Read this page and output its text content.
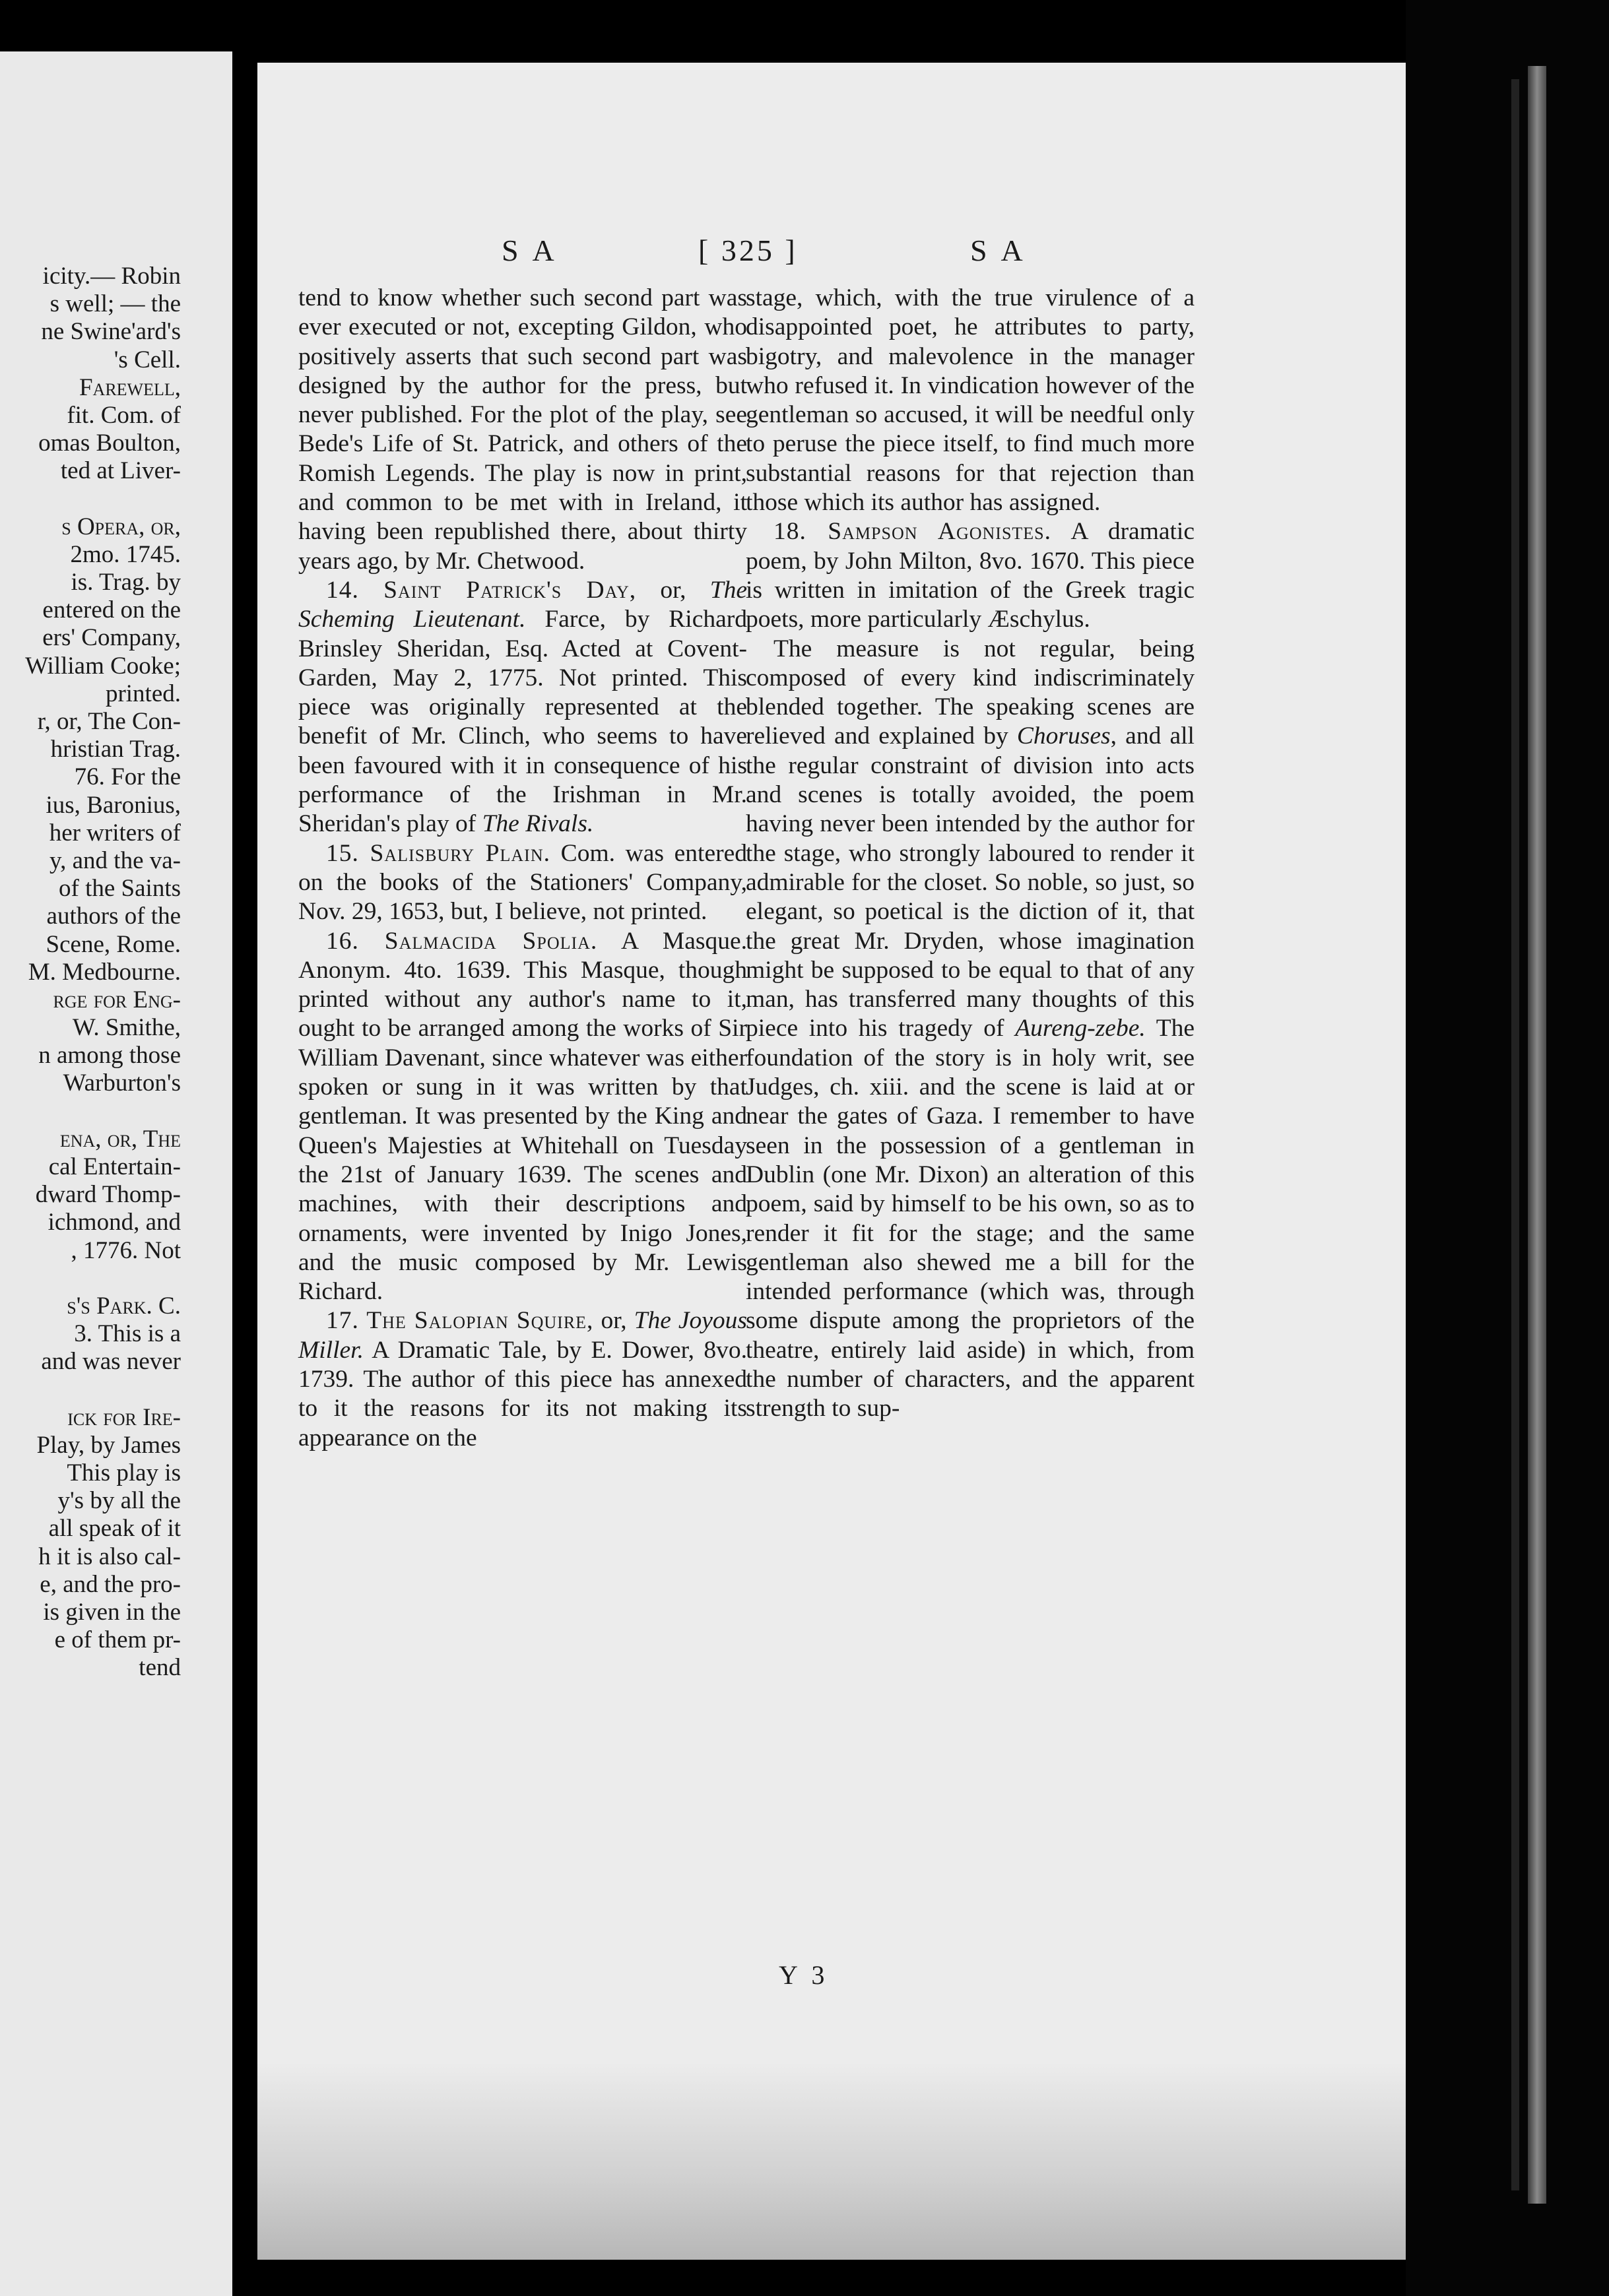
icity.— Robin
s well; — the
ne Swine'ard's
's Cell.
Farewell,
fit. Com. of
omas Boulton,
ted at Liver-
s Opera, or,
2mo. 1745.
is. Trag. by
entered on the
ers' Company,
William Cooke;
printed.
r, or, The Con-
hristian Trag.
76. For the
ius, Baronius,
her writers of
y, and the va-
of the Saints
authors of the
Scene, Rome.
M. Medbourne.
rge for Eng-
W. Smithe,
n among those
Warburton's
ena, or, The
cal Entertain-
dward Thomp-
ichmond, and
, 1776. Not
s's Park. C.
3. This is a
and was never
ick for Ire-
Play, by James
This play is
y's by all the
all speak of it
h it is also cal-
e, and the pro-
is given in the
e of them pr-
tend
S A	[ 325 ]	S A

tend to know whether such second part was ever executed or not, excepting Gildon, who positively asserts that such second part was designed by the author for the press, but never published. For the plot of the play, see Bede's Life of St. Patrick, and others of the Romish Legends. The play is now in print, and common to be met with in Ireland, it having been republished there, about thirty years ago, by Mr. Chetwood.

14. Saint Patrick's Day, or, The Scheming Lieutenant. Farce, by Richard Brinsley Sheridan, Esq. Acted at Covent-Garden, May 2, 1775. Not printed. This piece was originally represented at the benefit of Mr. Clinch, who seems to have been favoured with it in consequence of his performance of the Irishman in Mr. Sheridan's play of The Rivals.

15. Salisbury Plain. Com. was entered on the books of the Stationers' Company, Nov. 29, 1653, but, I believe, not printed.

16. Salmacida Spolia. A Masque. Anonym. 4to. 1639. This Masque, though printed without any author's name to it, ought to be arranged among the works of Sir William Davenant, since whatever was either spoken or sung in it was written by that gentleman. It was presented by the King and Queen's Majesties at Whitehall on Tuesday the 21st of January 1639. The scenes and machines, with their descriptions and ornaments, were invented by Inigo Jones, and the music composed by Mr. Lewis Richard.

17. The Salopian Squire, or, The Joyous Miller. A Dramatic Tale, by E. Dower, 8vo. 1739. The author of this piece has annexed to it the reasons for its not making its appearance on the

stage, which, with the true virulence of a disappointed poet, he attributes to party, bigotry, and malevolence in the manager who refused it. In vindication however of the gentleman so accused, it will be needful only to peruse the piece itself, to find much more substantial reasons for that rejection than those which its author has assigned.

18. Sampson Agonistes. A dramatic poem, by John Milton, 8vo. 1670. This piece is written in imitation of the Greek tragic poets, more particularly Æschylus.

The measure is not regular, being composed of every kind indiscriminately blended together. The speaking scenes are relieved and explained by Choruses, and all the regular constraint of division into acts and scenes is totally avoided, the poem having never been intended by the author for the stage, who strongly laboured to render it admirable for the closet. So noble, so just, so elegant, so poetical is the diction of it, that the great Mr. Dryden, whose imagination might be supposed to be equal to that of any man, has transferred many thoughts of this piece into his tragedy of Aureng-zebe. The foundation of the story is in holy writ, see Judges, ch. xiii. and the scene is laid at or near the gates of Gaza. I remember to have seen in the possession of a gentleman in Dublin (one Mr. Dixon) an alteration of this poem, said by himself to be his own, so as to render it fit for the stage; and the same gentleman also shewed me a bill for the intended performance (which was, through some dispute among the proprietors of the theatre, entirely laid aside) in which, from the number of characters, and the apparent strength to sup-

Y 3
